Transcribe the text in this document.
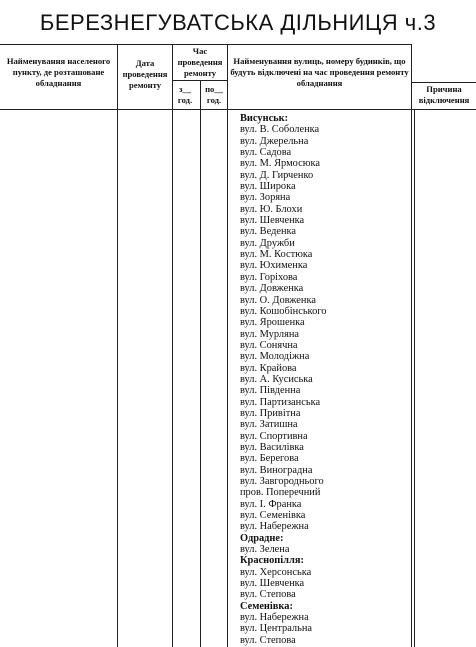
БЕРЕЗНЕГУВАТСЬКА ДІЛЬНИЦЯ ч.3
Найменування населеного пункту, де розташоване обладнання
Дата проведення ремонту
Час проведення ремонту
з__ год.
по__ год.
Найменування вулиць, номеру будинків, що будуть відключені на час проведення ремонту обладнання
Причина відключення
Висунськ:
вул. В. Соболенка
вул. Джерельна
вул. Садова
вул. М. Ярмосюка
вул. Д. Гирченко
вул. Широка
вул. Зоряна
вул. Ю. Блохи
вул. Шевченка
вул. Веденка
вул. Дружби
вул. М. Костюка
вул. Юхименка
вул. Горіхова
вул. Довженка
вул. О. Довженка
вул. Кошобінського
вул. Ярошенка
вул. Мурляна
вул. Сонячна
вул. Молодіжна
вул. Крайова
вул. А. Кусиська
вул. Південна
вул. Партизанська
вул. Привітна
вул. Затишна
вул. Спортивна
вул. Василівка
вул. Берегова
вул. Виноградна
вул. Завгороднього
пров. Поперечний
вул. І. Франка
вул. Семенівка
вул. Набережна
Одрадне:
вул. Зелена
Краснопілля:
вул. Херсонська
вул. Шевченка
вул. Степова
Семенівка:
вул. Набережна
вул. Центральна
вул. Степова
